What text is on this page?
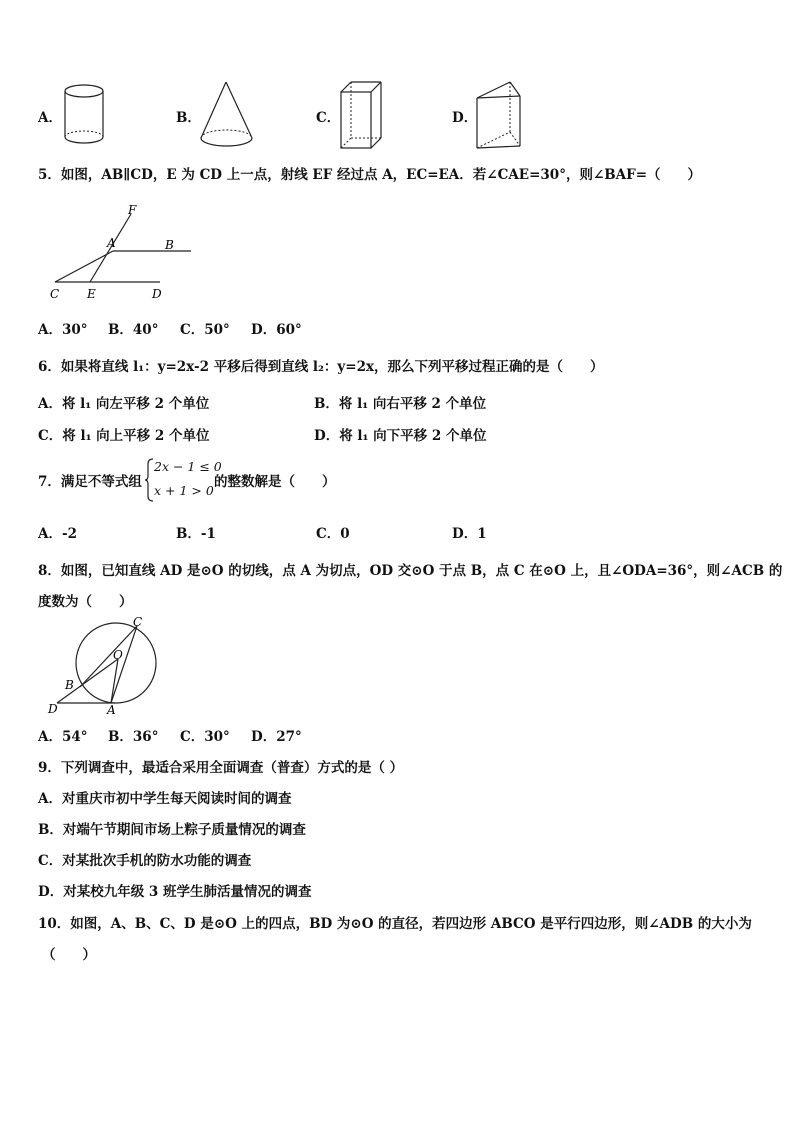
A．	B．	C．	D．
5．如图，AB∥CD，E 为 CD 上一点，射线 EF 经过点 A，EC=EA．若∠CAE=30°，则∠BAF=（　　）
F
A	B
C E	D
A．30° B．40° C．50° D．60°
6．如果将直线 l₁：y=2x-2 平移后得到直线 l₂：y=2x，那么下列平移过程正确的是（　　）
A．将 l₁ 向左平移 2 个单位	B．将 l₁ 向右平移 2 个单位
C．将 l₁ 向上平移 2 个单位	D．将 l₁ 向下平移 2 个单位
7．满足不等式组
2x − 1 ≤ 0
x + 1 > 0
的整数解是（　　）
A．-2	B．-1	C．0	D．1
8．如图，已知直线 AD 是⊙O 的切线，点 A 为切点，OD 交⊙O 于点 B，点 C 在⊙O 上，且∠ODA=36°，则∠ACB 的
度数为（　　）
C
O
B
D	A
A．54° B．36° C．30° D．27°
9．下列调查中，最适合采用全面调查（普查）方式的是（ ）
A．对重庆市初中学生每天阅读时间的调查
B．对端午节期间市场上粽子质量情况的调查
C．对某批次手机的防水功能的调查
D．对某校九年级 3 班学生肺活量情况的调查
10．如图，A、B、C、D 是⊙O 上的四点，BD 为⊙O 的直径，若四边形 ABCO 是平行四边形，则∠ADB 的大小为
（　　）
